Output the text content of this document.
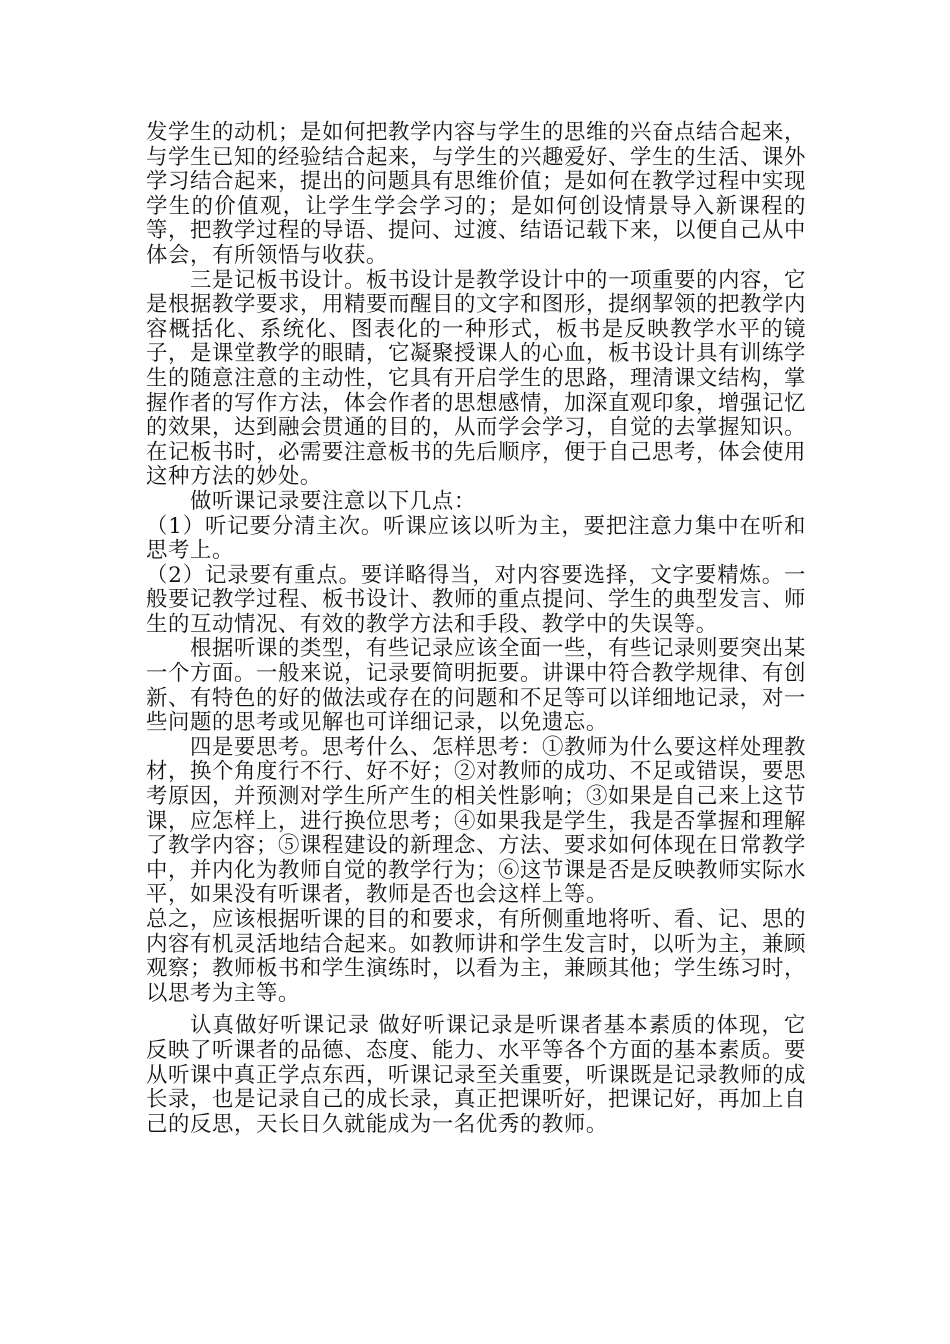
发学生的动机；是如何把教学内容与学生的思维的兴奋点结合起来，与学生已知的经验结合起来，与学生的兴趣爱好、学生的生活、课外学习结合起来，提出的问题具有思维价值；是如何在教学过程中实现学生的价值观，让学生学会学习的；是如何创设情景导入新课程的等，把教学过程的导语、提问、过渡、结语记载下来，以便自己从中体会，有所领悟与收获。

三是记板书设计。板书设计是教学设计中的一项重要的内容，它是根据教学要求，用精要而醒目的文字和图形，提纲挈领的把教学内容概括化、系统化、图表化的一种形式，板书是反映教学水平的镜子，是课堂教学的眼睛，它凝聚授课人的心血，板书设计具有训练学生的随意注意的主动性，它具有开启学生的思路，理清课文结构，掌握作者的写作方法，体会作者的思想感情，加深直观印象，增强记忆的效果，达到融会贯通的目的，从而学会学习，自觉的去掌握知识。在记板书时，必需要注意板书的先后顺序，便于自己思考，体会使用这种方法的妙处。

做听课记录要注意以下几点：

（1）听记要分清主次。听课应该以听为主，要把注意力集中在听和思考上。

（2）记录要有重点。要详略得当，对内容要选择，文字要精炼。一般要记教学过程、板书设计、教师的重点提问、学生的典型发言、师生的互动情况、有效的教学方法和手段、教学中的失误等。

根据听课的类型，有些记录应该全面一些，有些记录则要突出某一个方面。一般来说，记录要简明扼要。讲课中符合教学规律、有创新、有特色的好的做法或存在的问题和不足等可以详细地记录，对一些问题的思考或见解也可详细记录，以免遗忘。

四是要思考。思考什么、怎样思考：①教师为什么要这样处理教材，换个角度行不行、好不好；②对教师的成功、不足或错误，要思考原因，并预测对学生所产生的相关性影响；③如果是自己来上这节课，应怎样上，进行换位思考；④如果我是学生，我是否掌握和理解了教学内容；⑤课程建设的新理念、方法、要求如何体现在日常教学中，并内化为教师自觉的教学行为；⑥这节课是否是反映教师实际水平，如果没有听课者，教师是否也会这样上等。

总之，应该根据听课的目的和要求，有所侧重地将听、看、记、思的内容有机灵活地结合起来。如教师讲和学生发言时，以听为主，兼顾观察；教师板书和学生演练时，以看为主，兼顾其他；学生练习时，以思考为主等。

认真做好听课记录 做好听课记录是听课者基本素质的体现，它反映了听课者的品德、态度、能力、水平等各个方面的基本素质。要从听课中真正学点东西，听课记录至关重要，听课既是记录教师的成长录，也是记录自己的成长录，真正把课听好，把课记好，再加上自己的反思，天长日久就能成为一名优秀的教师。
